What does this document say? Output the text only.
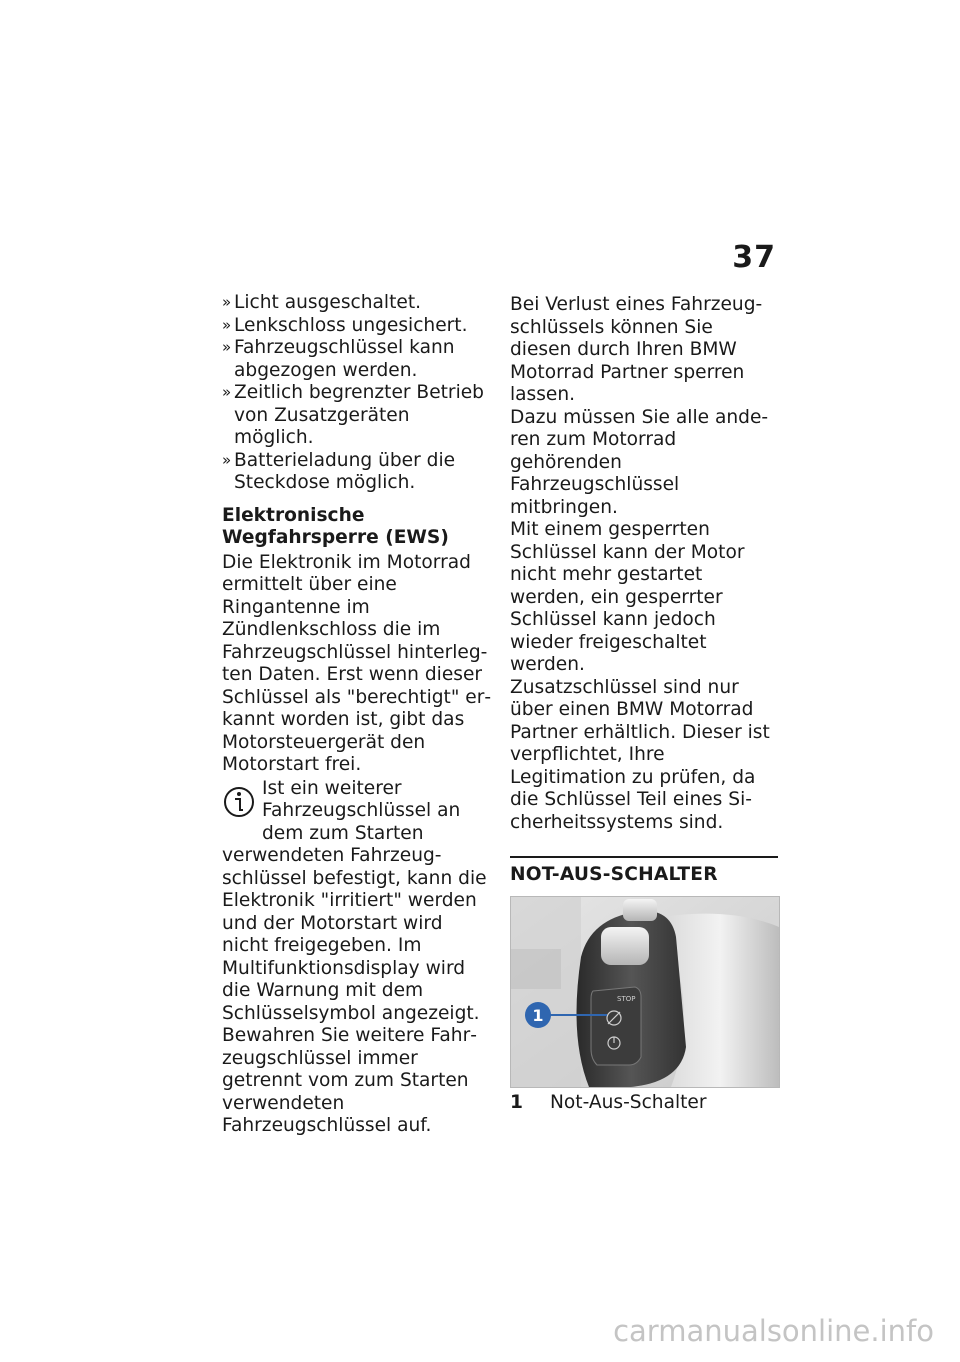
37
» Licht ausgeschaltet.
» Lenkschloss ungesichert.
» Fahrzeugschlüssel kann abgezogen werden.
» Zeitlich begrenzter Betrieb von Zusatzgeräten möglich.
» Batterieladung über die Steckdose möglich.
Elektronische Wegfahrsperre (EWS)

Die Elektronik im Motorrad ermittelt über eine Ringantenne im Zündlenkschloss die im Fahrzeugschlüssel hinterlegten Daten. Erst wenn dieser Schlüssel als "berechtigt" erkannt worden ist, gibt das Motorsteuergerät den Motorstart frei.

Ist ein weiterer Fahrzeugschlüssel an dem zum Starten verwendeten Fahrzeugschlüssel befestigt, kann die Elektronik "irritiert" werden und der Motorstart wird nicht freigegeben. Im Multifunktionsdisplay wird die Warnung mit dem Schlüsselsymbol angezeigt.

Bewahren Sie weitere Fahrzeugschlüssel immer getrennt vom zum Starten verwendeten Fahrzeugschlüssel auf.

Bei Verlust eines Fahrzeugschlüssels können Sie diesen durch Ihren BMW Motorrad Partner sperren lassen.

Dazu müssen Sie alle anderen zum Motorrad gehörenden Fahrzeugschlüssel mitbringen.

Mit einem gesperrten Schlüssel kann der Motor nicht mehr gestartet werden, ein gesperrter Schlüssel kann jedoch wieder freigeschaltet werden.

Zusatzschlüssel sind nur über einen BMW Motorrad Partner erhältlich. Dieser ist verpflichtet, Ihre Legitimation zu prüfen, da die Schlüssel Teil eines Sicherheitssystems sind.

NOT-AUS-SCHALTER
STOP
1
1	Not-Aus-Schalter
carmanualsonline.info
